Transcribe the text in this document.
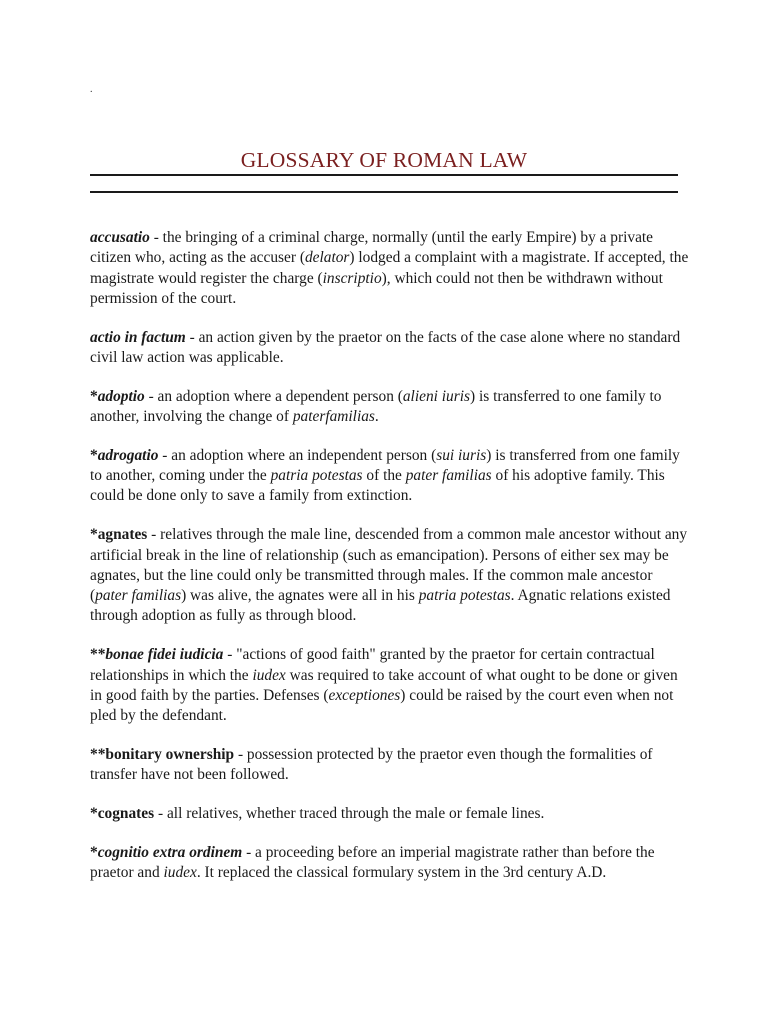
.
GLOSSARY OF ROMAN LAW

accusatio - the bringing of a criminal charge, normally (until the early Empire) by a private citizen who, acting as the accuser (delator) lodged a complaint with a magistrate. If accepted, the magistrate would register the charge (inscriptio), which could not then be withdrawn without permission of the court.

actio in factum - an action given by the praetor on the facts of the case alone where no standard civil law action was applicable.

*adoptio - an adoption where a dependent person (alieni iuris) is transferred to one family to another, involving the change of paterfamilias.

*adrogatio - an adoption where an independent person (sui iuris) is transferred from one family to another, coming under the patria potestas of the pater familias of his adoptive family. This could be done only to save a family from extinction.

*agnates - relatives through the male line, descended from a common male ancestor without any artificial break in the line of relationship (such as emancipation). Persons of either sex may be agnates, but the line could only be transmitted through males. If the common male ancestor (pater familias) was alive, the agnates were all in his patria potestas. Agnatic relations existed through adoption as fully as through blood.

**bonae fidei iudicia - "actions of good faith" granted by the praetor for certain contractual relationships in which the iudex was required to take account of what ought to be done or given in good faith by the parties. Defenses (exceptiones) could be raised by the court even when not pled by the defendant.

**bonitary ownership - possession protected by the praetor even though the formalities of transfer have not been followed.

*cognates - all relatives, whether traced through the male or female lines.

*cognitio extra ordinem - a proceeding before an imperial magistrate rather than before the praetor and iudex. It replaced the classical formulary system in the 3rd century A.D.
